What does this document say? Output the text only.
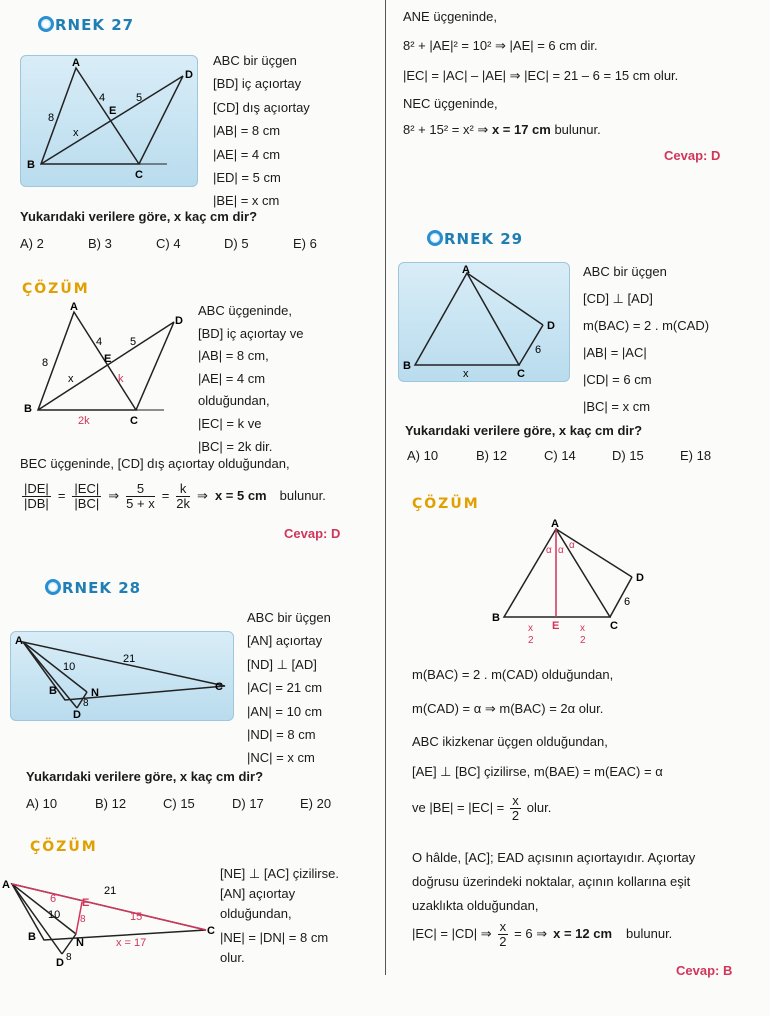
RNEK 27
A
B
C
D
E
8
4	5
x
ABC bir üçgen
[BD] iç açıortay
[CD] dış açıortay
|AB| = 8 cm
|AE| = 4 cm
|ED| = 5 cm
|BE| = x cm
Yukarıdaki verilere göre, x kaç cm dir?
A) 2	B) 3	C) 4	D) 5	E) 6
ÇÖZÜM
A
B
C
D
E
8
4	5
x	k
2k
ABC üçgeninde,
[BD] iç açıortay ve
|AB| = 8 cm,
|AE| = 4 cm
olduğundan,
|EC| = k ve
|BC| = 2k dir.
BEC üçgeninde, [CD] dış açıortay olduğundan,
$\frac{|DE|}{|DB|} = \frac{|EC|}{|BC|}$ ⇒ $\frac{5}{5 + x} = \frac{k}{2k}$ ⇒ x = 5 cm bulunur.
Cevap: D
RNEK 28
A
B	C
D
N
10
21
8
ABC bir üçgen
[AN] açıortay
[ND] ⊥ [AD]
|AC| = 21 cm
|AN| = 10 cm
|ND| = 8 cm
|NC| = x cm
Yukarıdaki verilere göre, x kaç cm dir?
A) 10	B) 12	C) 15	D) 17	E) 20
ÇÖZÜM
A
B	C
D
N
E
6
10
21
15
8
8
x = 17
[NE] ⊥ [AC] çizilirse.
[AN] açıortay
olduğundan,
|NE| = |DN| = 8 cm
olur.
ANE üçgeninde,
8² + |AE|² = 10² ⇒ |AE| = 6 cm dir.
|EC| = |AC| – |AE| ⇒ |EC| = 21 – 6 = 15 cm olur.
NEC üçgeninde,
8² + 15² = x² ⇒ x = 17 cm bulunur.
Cevap: D
RNEK 29
A
B
C
D
6
x
ABC bir üçgen
[CD] ⊥ [AD]
m(BAC) = 2 . m(CAD)
|AB| = |AC|
|CD| = 6 cm
|BC| = x cm
Yukarıdaki verilere göre, x kaç cm dir?
A) 10	B) 12	C) 14	D) 15	E) 18
ÇÖZÜM
A
B
C
D
E
α α α
6
x
2
x
2
m(BAC) = 2 . m(CAD) olduğundan,
m(CAD) = α ⇒ m(BAC) = 2α olur.
ABC ikizkenar üçgen olduğundan,
[AE] ⊥ [BC] çizilirse, m(BAE) = m(EAC) = α
ve $|BE| = |EC| = \frac{x}{2}$ olur.
O hâlde, [AC]; EAD açısının açıortayıdır. Açıortay
doğrusu üzerindeki noktalar, açının kollarına eşit
uzaklıkta olduğundan,
|EC| = |CD| ⇒ $\frac{x}{2} = 6$ ⇒ x = 12 cm bulunur.
Cevap: B
